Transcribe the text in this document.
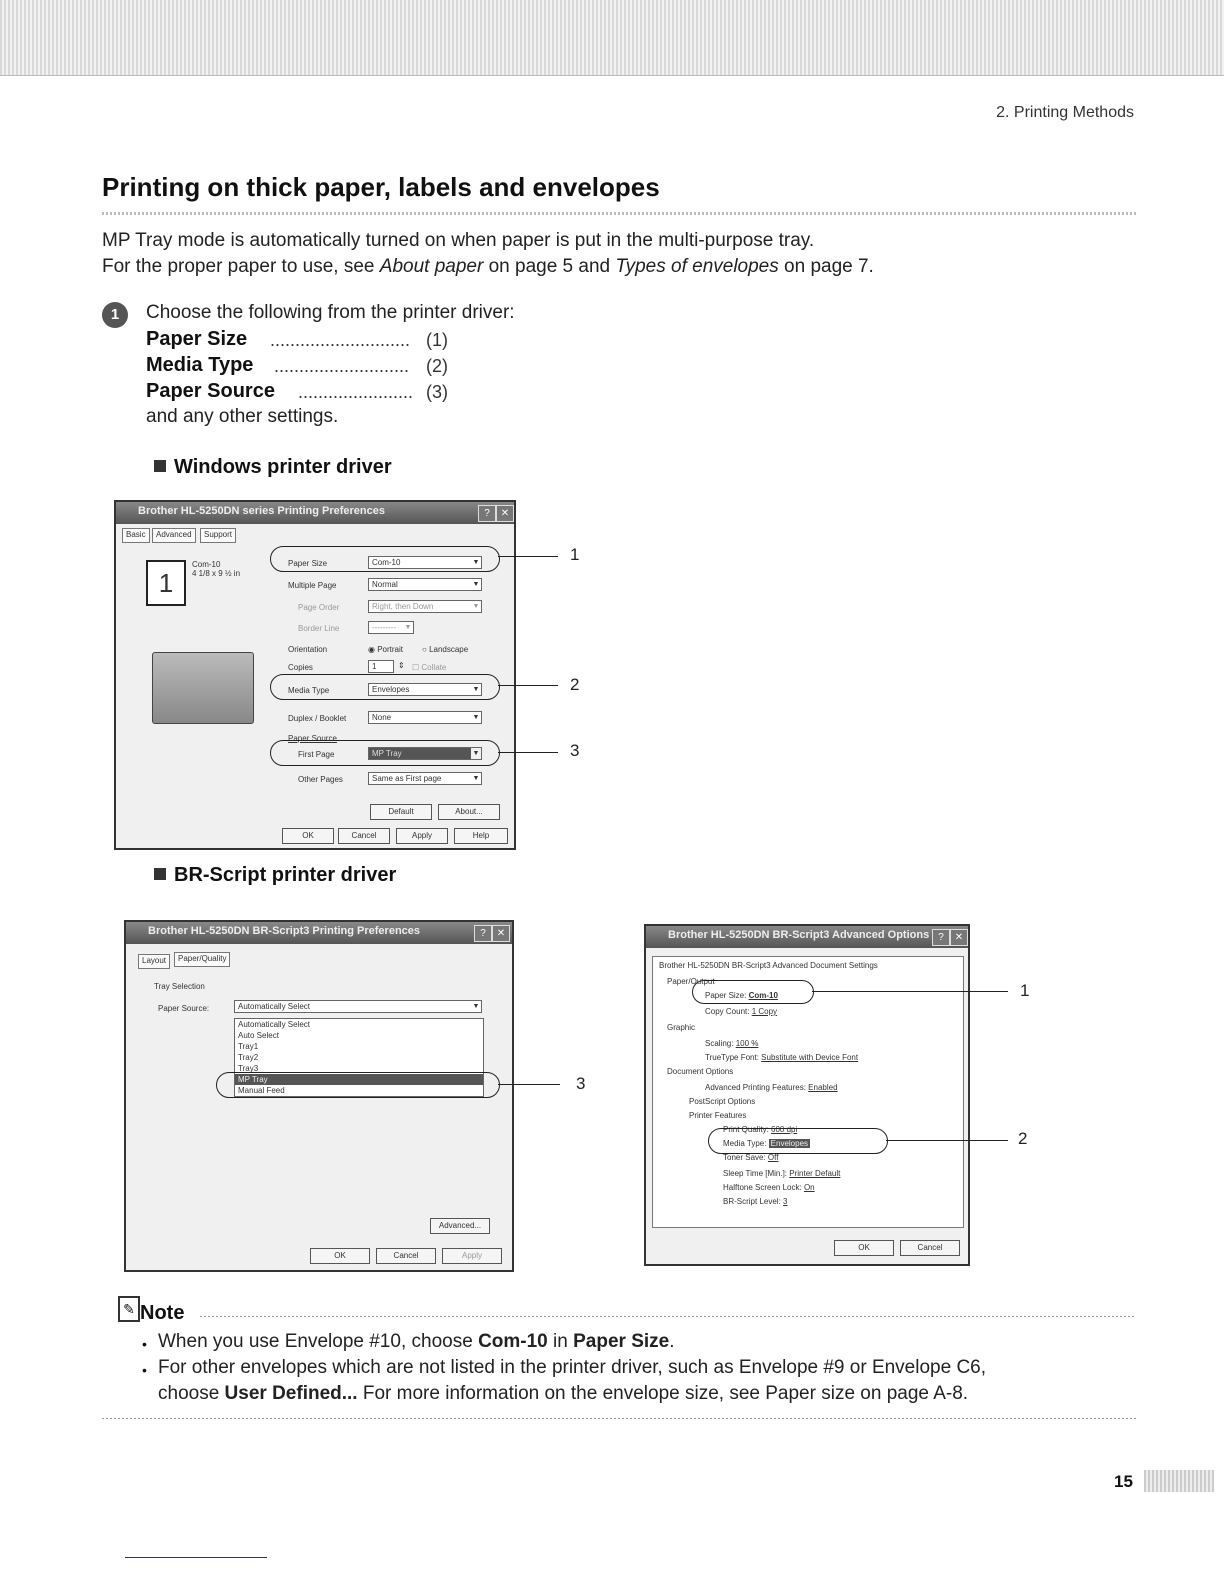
2. Printing Methods
Printing on thick paper, labels and envelopes
MP Tray mode is automatically turned on when paper is put in the multi-purpose tray.
For the proper paper to use, see About paper on page 5 and Types of envelopes on page 7.
1	Choose the following from the printer driver:
Paper Size ............................ (1)
Media Type ........................... (2)
Paper Source ....................... (3)
and any other settings.
Windows printer driver
Brother HL-5250DN series Printing Preferences	?	✕
Basic	Advanced	Support
1
Com-10
4 1/8 x 9 ½ in
Paper Size	Com-10	▼
Multiple Page	Normal	▼
Page Order	Right, then Down	▼
Border Line	--------- ▼
Orientation	◉ Portrait ○ Landscape
Copies	1	⇕ ☐ Collate
Media Type	Envelopes	▼
Duplex / Booklet	None	▼
Paper Source
First Page	MP Tray	▼
Other Pages	Same as First page	▼
Default	About...
OK	Cancel	Apply	Help
1
2
3
BR-Script printer driver
Brother HL-5250DN BR-Script3 Printing Preferences	?	✕
Layout	Paper/Quality
Tray Selection
Paper Source:	Automatically Select	▼
Automatically Select
Auto Select
Tray1
Tray2
Tray3
MP Tray
Manual Feed
Advanced...
OK	Cancel	Apply
3
Brother HL-5250DN BR-Script3 Advanced Options ?	✕
Brother HL-5250DN BR-Script3 Advanced Document Settings
Paper/Output
Paper Size: Com-10
Copy Count: 1 Copy
Graphic
Scaling: 100 %
TrueType Font: Substitute with Device Font
Document Options
Advanced Printing Features: Enabled
PostScript Options
Printer Features
Print Quality: 600 dpi
Media Type: Envelopes
Toner Save: Off
Sleep Time [Min.]: Printer Default
Halftone Screen Lock: On
BR-Script Level: 3
OK	Cancel
1
2
✎ Note
• When you use Envelope #10, choose Com-10 in Paper Size.
• For other envelopes which are not listed in the printer driver, such as Envelope #9 or Envelope C6,
choose User Defined... For more information on the envelope size, see Paper size on page A-8.
15
